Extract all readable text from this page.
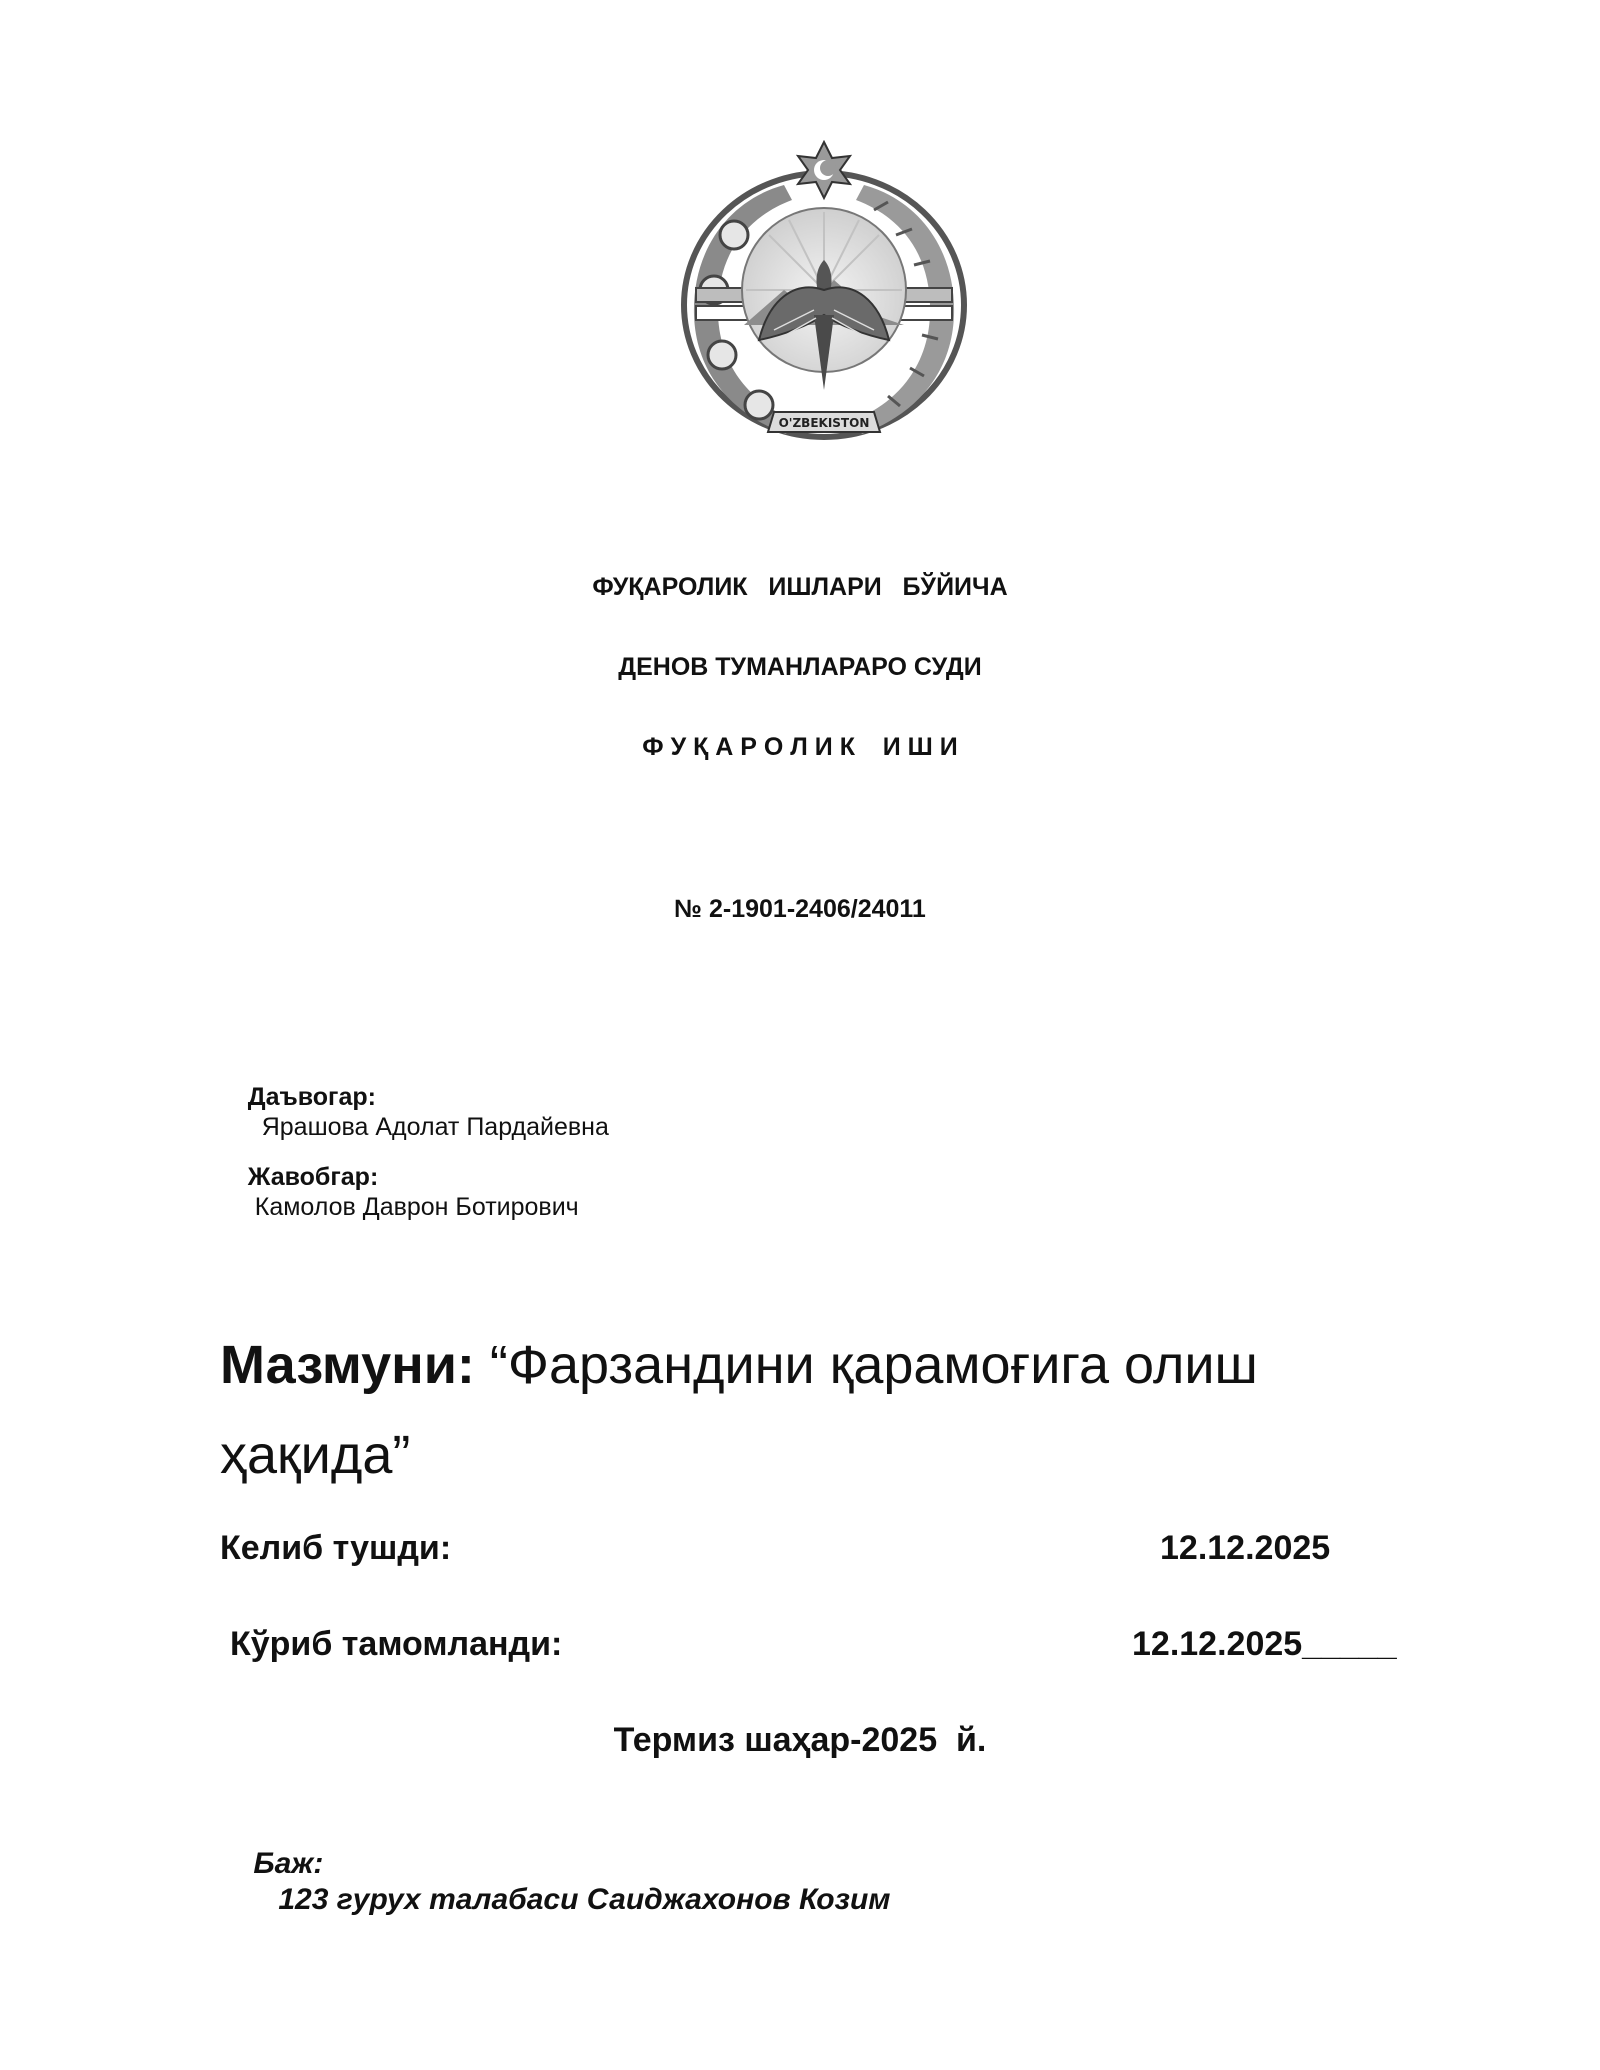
O'ZBEKISTON
ФУҚАРОЛИК   ИШЛАРИ   БЎЙИЧА
ДЕНОВ ТУМАНЛАРАРО СУДИ
Ф У Қ А Р О Л И К    И Ш И
№ 2-1901-2406/24011

Даъвогар:
Ярашова Адолат Пардайевна

Жавобгар:
Камолов Даврон Ботирович

Мазмуни: “Фарзандини қарамоғига олиш ҳақида”
Келиб тушди:	12.12.2025
Кўриб тамомланди:	12.12.2025_____
Термиз шаҳар-2025  й.

Баж:
123 гурух талабаси Саиджахонов Козим
